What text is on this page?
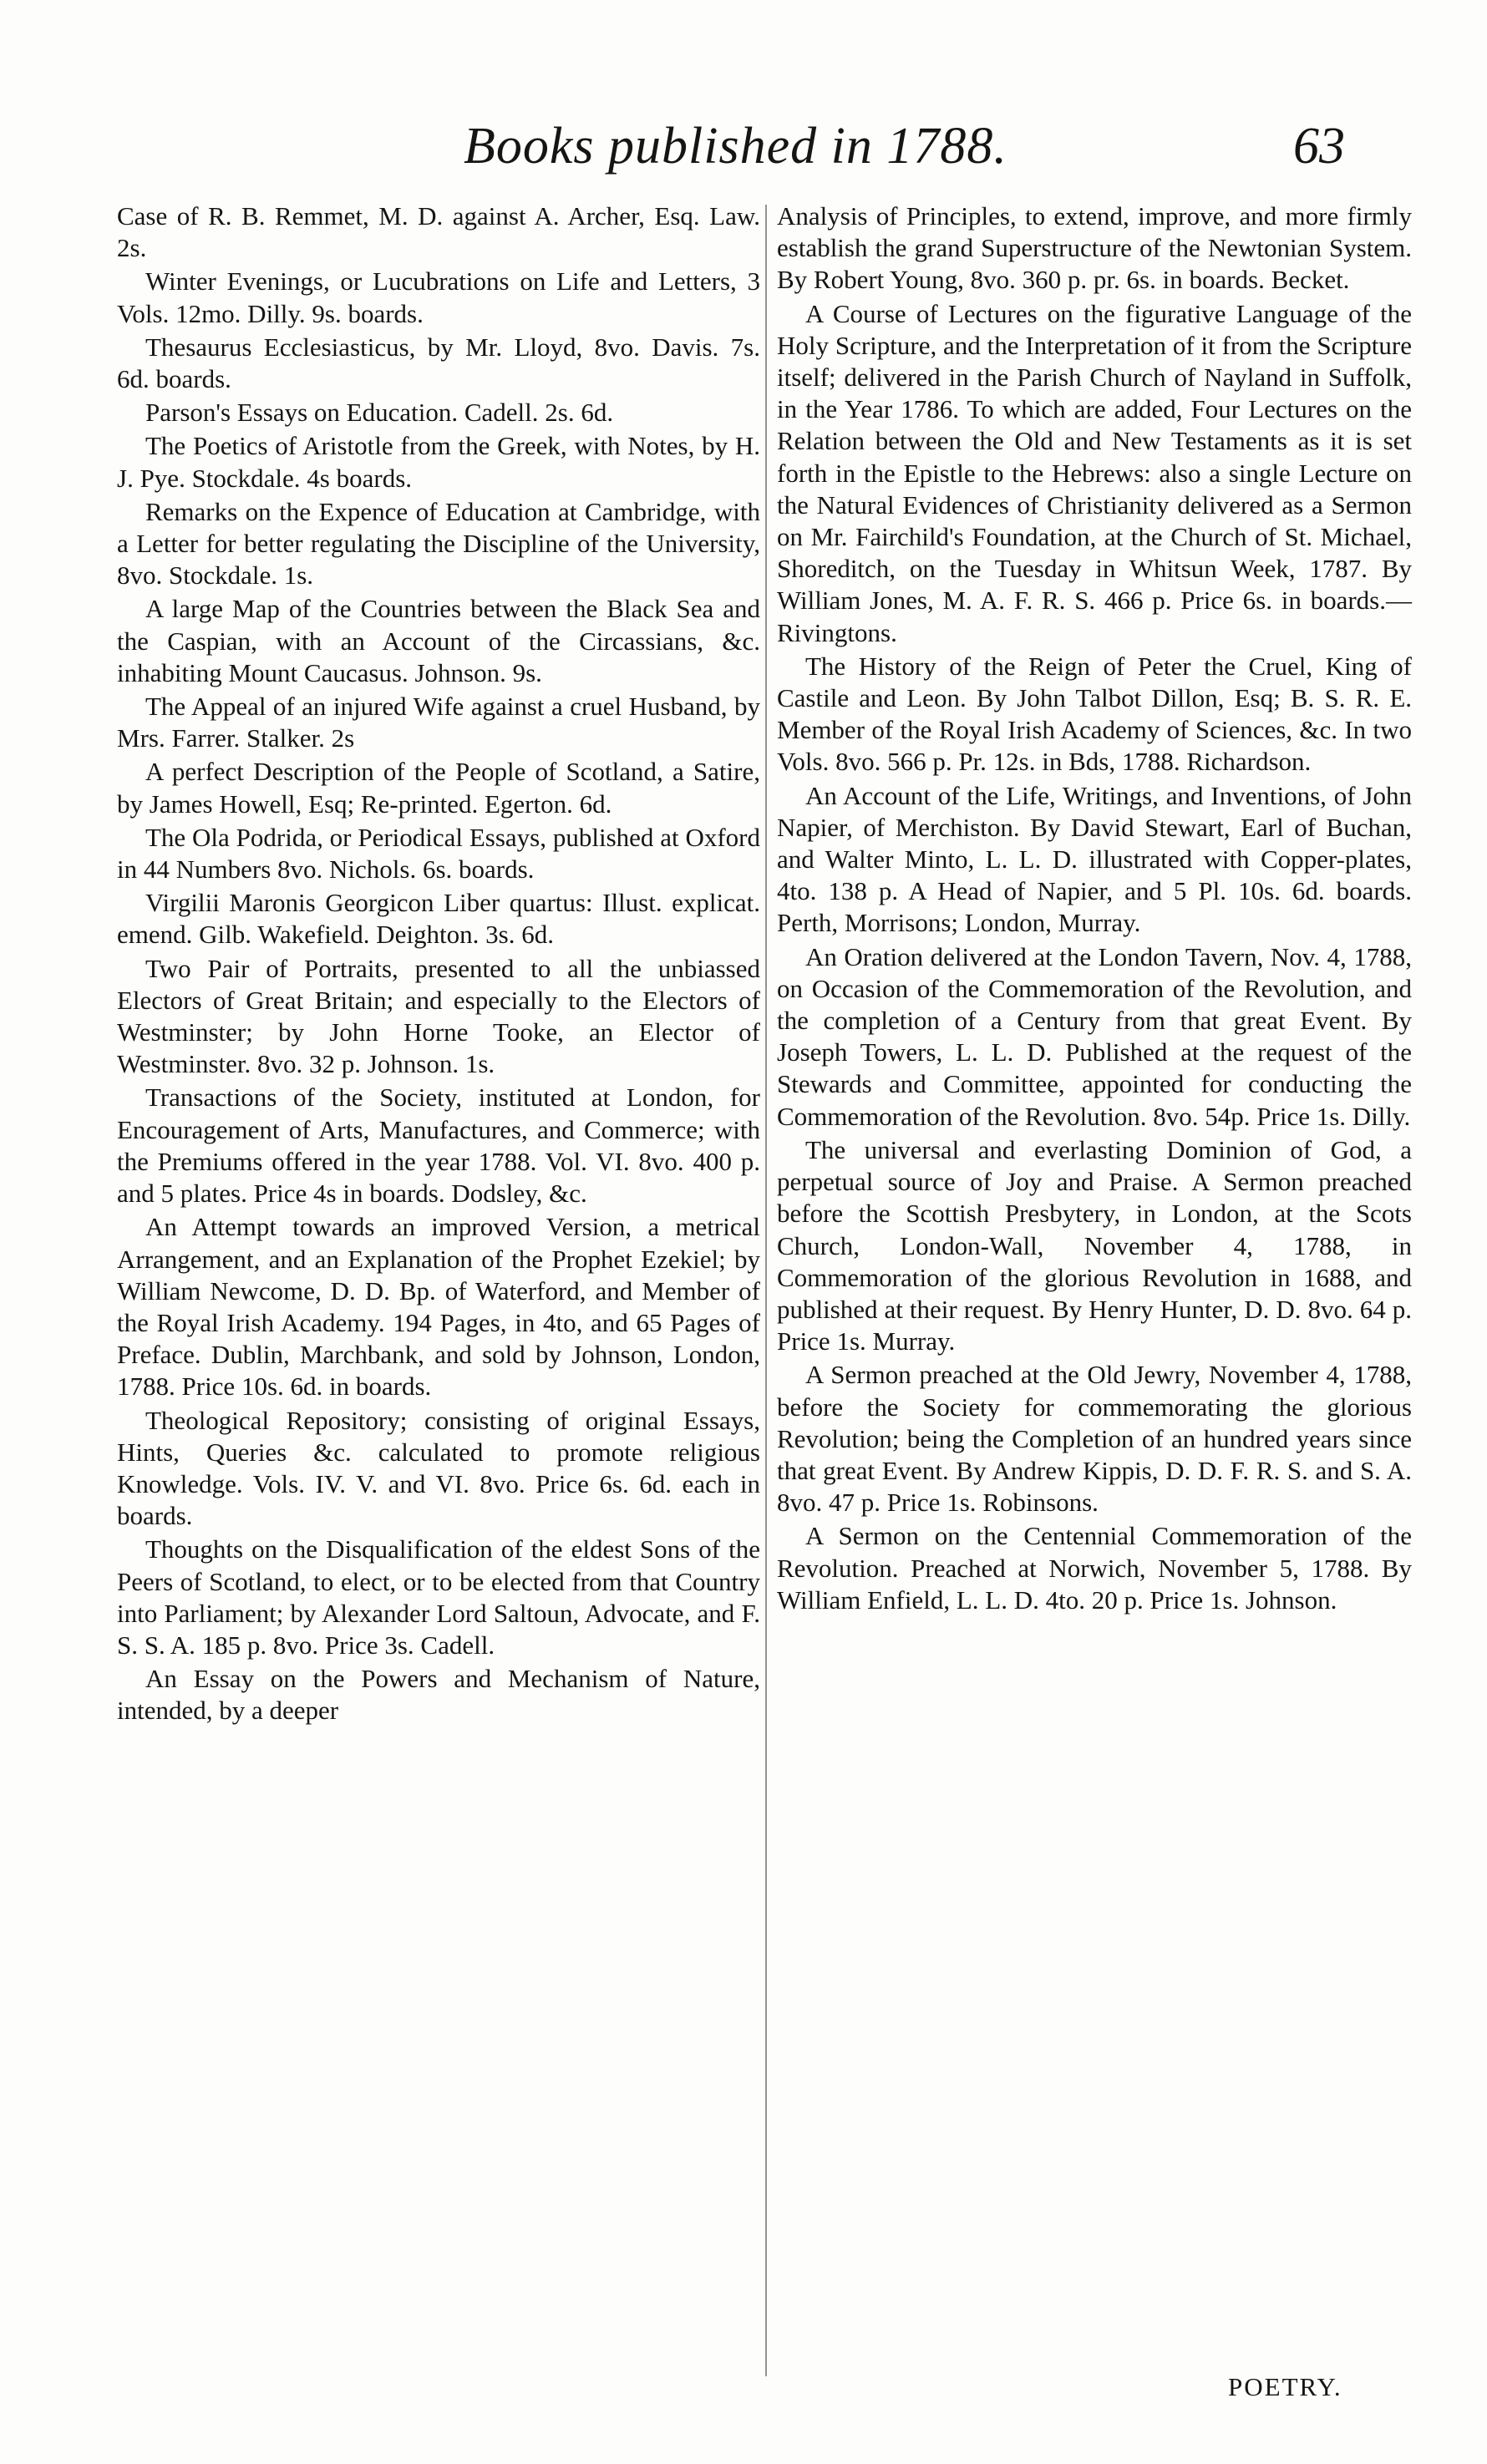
Books published in 1788.	63

Case of R. B. Remmet, M. D. against A. Archer, Esq. Law. 2s.

Winter Evenings, or Lucubrations on Life and Letters, 3 Vols. 12mo. Dilly. 9s. boards.

Thesaurus Ecclesiasticus, by Mr. Lloyd, 8vo. Davis. 7s. 6d. boards.

Parson's Essays on Education. Cadell. 2s. 6d.

The Poetics of Aristotle from the Greek, with Notes, by H. J. Pye. Stockdale. 4s boards.

Remarks on the Expence of Education at Cambridge, with a Letter for better regulating the Discipline of the University, 8vo. Stockdale. 1s.

A large Map of the Countries between the Black Sea and the Caspian, with an Account of the Circassians, &c. inhabiting Mount Caucasus. Johnson. 9s.

The Appeal of an injured Wife against a cruel Husband, by Mrs. Farrer. Stalker. 2s

A perfect Description of the People of Scotland, a Satire, by James Howell, Esq; Re-printed. Egerton. 6d.

The Ola Podrida, or Periodical Essays, published at Oxford in 44 Numbers 8vo. Nichols. 6s. boards.

Virgilii Maronis Georgicon Liber quartus: Illust. explicat. emend. Gilb. Wakefield. Deighton. 3s. 6d.

Two Pair of Portraits, presented to all the unbiassed Electors of Great Britain; and especially to the Electors of Westminster; by John Horne Tooke, an Elector of Westminster. 8vo. 32 p. Johnson. 1s.

Transactions of the Society, instituted at London, for Encouragement of Arts, Manufactures, and Commerce; with the Premiums offered in the year 1788. Vol. VI. 8vo. 400 p. and 5 plates. Price 4s in boards. Dodsley, &c.

An Attempt towards an improved Version, a metrical Arrangement, and an Explanation of the Prophet Ezekiel; by William Newcome, D. D. Bp. of Waterford, and Member of the Royal Irish Academy. 194 Pages, in 4to, and 65 Pages of Preface. Dublin, Marchbank, and sold by Johnson, London, 1788. Price 10s. 6d. in boards.

Theological Repository; consisting of original Essays, Hints, Queries &c. calculated to promote religious Knowledge. Vols. IV. V. and VI. 8vo. Price 6s. 6d. each in boards.

Thoughts on the Disqualification of the eldest Sons of the Peers of Scotland, to elect, or to be elected from that Country into Parliament; by Alexander Lord Saltoun, Advocate, and F. S. S. A. 185 p. 8vo. Price 3s. Cadell.

An Essay on the Powers and Mechanism of Nature, intended, by a deeper

Analysis of Principles, to extend, improve, and more firmly establish the grand Superstructure of the Newtonian System. By Robert Young, 8vo. 360 p. pr. 6s. in boards. Becket.

A Course of Lectures on the figurative Language of the Holy Scripture, and the Interpretation of it from the Scripture itself; delivered in the Parish Church of Nayland in Suffolk, in the Year 1786. To which are added, Four Lectures on the Relation between the Old and New Testaments as it is set forth in the Epistle to the Hebrews: also a single Lecture on the Natural Evidences of Christianity delivered as a Sermon on Mr. Fairchild's Foundation, at the Church of St. Michael, Shoreditch, on the Tuesday in Whitsun Week, 1787. By William Jones, M. A. F. R. S. 466 p. Price 6s. in boards.— Rivingtons.

The History of the Reign of Peter the Cruel, King of Castile and Leon. By John Talbot Dillon, Esq; B. S. R. E. Member of the Royal Irish Academy of Sciences, &c. In two Vols. 8vo. 566 p. Pr. 12s. in Bds, 1788. Richardson.

An Account of the Life, Writings, and Inventions, of John Napier, of Merchiston. By David Stewart, Earl of Buchan, and Walter Minto, L. L. D. illustrated with Copper-plates, 4to. 138 p. A Head of Napier, and 5 Pl. 10s. 6d. boards. Perth, Morrisons; London, Murray.

An Oration delivered at the London Tavern, Nov. 4, 1788, on Occasion of the Commemoration of the Revolution, and the completion of a Century from that great Event. By Joseph Towers, L. L. D. Published at the request of the Stewards and Committee, appointed for conducting the Commemoration of the Revolution. 8vo. 54p. Price 1s. Dilly.

The universal and everlasting Dominion of God, a perpetual source of Joy and Praise. A Sermon preached before the Scottish Presbytery, in London, at the Scots Church, London-Wall, November 4, 1788, in Commemoration of the glorious Revolution in 1688, and published at their request. By Henry Hunter, D. D. 8vo. 64 p. Price 1s. Murray.

A Sermon preached at the Old Jewry, November 4, 1788, before the Society for commemorating the glorious Revolution; being the Completion of an hundred years since that great Event. By Andrew Kippis, D. D. F. R. S. and S. A. 8vo. 47 p. Price 1s. Robinsons.

A Sermon on the Centennial Commemoration of the Revolution. Preached at Norwich, November 5, 1788. By William Enfield, L. L. D. 4to. 20 p. Price 1s. Johnson.

POETRY.
